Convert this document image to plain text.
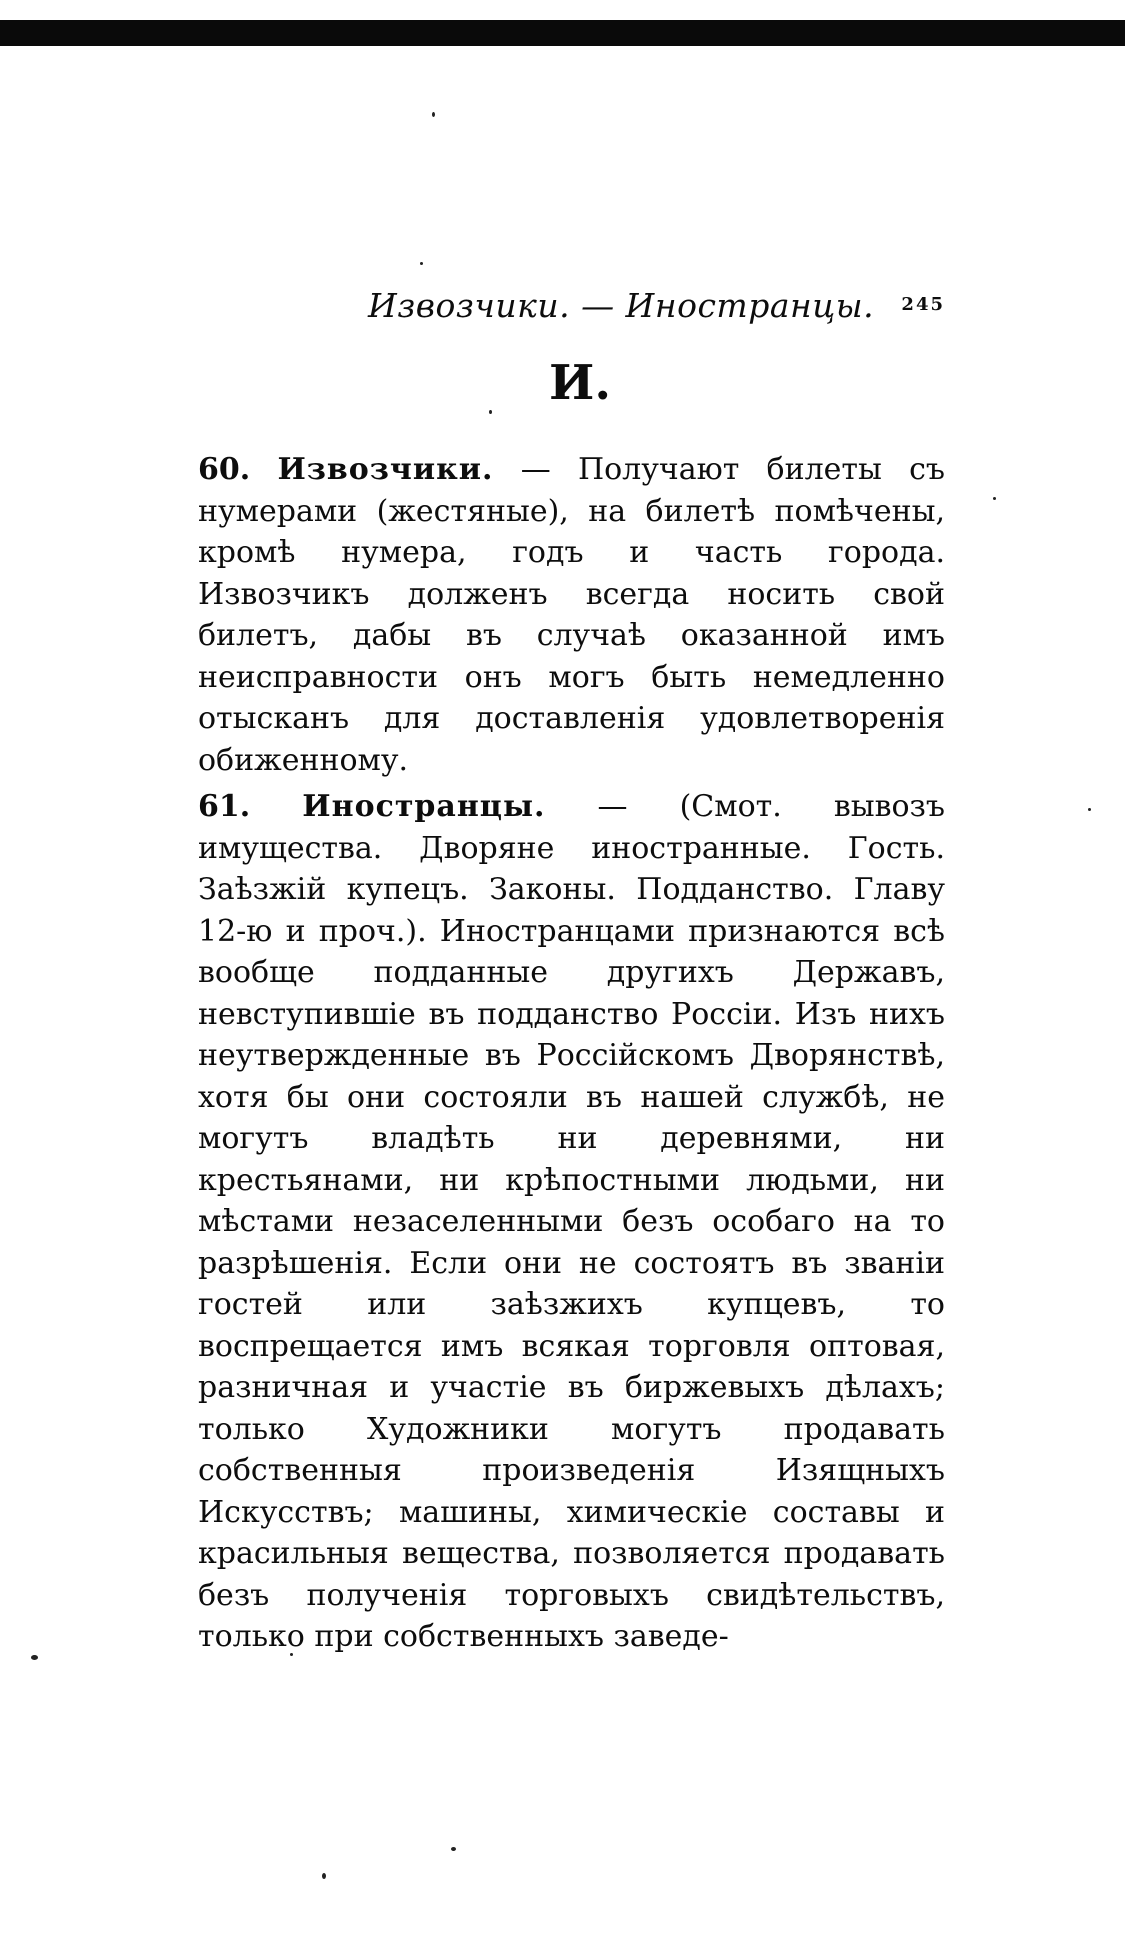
Извозчики. — Иностранцы. 245
И.

60. Извозчики. — Получают билеты съ нумерами (жестяные), на билетѣ помѣчены, кромѣ нумера, годъ и часть города. Извозчикъ долженъ всегда носить свой билетъ, дабы въ случаѣ оказанной имъ неисправности онъ могъ быть немедленно отысканъ для доставленія удовлетворенія обиженному.

61. Иностранцы. — (Смот. вывозъ имущества. Дворяне иностранные. Гость. Заѣзжій купецъ. Законы. Подданство. Главу 12-ю и проч.). Иностранцами признаются всѣ вообще подданные другихъ Державъ, невступившіе въ подданство Россіи. Изъ нихъ неутвержденные въ Россійскомъ Дворянствѣ, хотя бы они состояли въ нашей службѣ, не могутъ владѣть ни деревнями, ни крестьянами, ни крѣпостными людьми, ни мѣстами незаселенными безъ особаго на то разрѣшенія. Если они не состоятъ въ званіи гостей или заѣзжихъ купцевъ, то воспрещается имъ всякая торговля оптовая, разничная и участіе въ биржевыхъ дѣлахъ; только Художники могутъ продавать собственныя произведенія Изящныхъ Искусствъ; машины, химическіе составы и красильныя вещества, позволяется продавать безъ полученія торговыхъ свидѣтельствъ, только при собственныхъ заведе-
